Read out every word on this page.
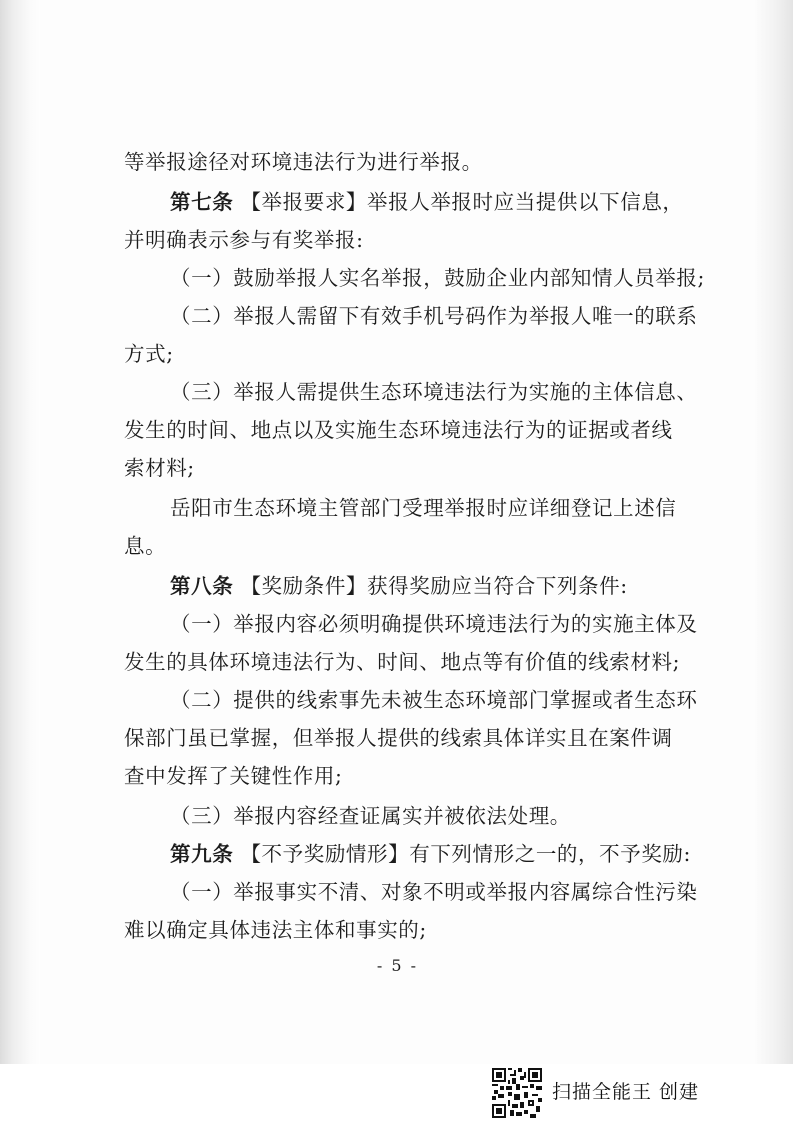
等举报途径对环境违法行为进行举报。
第七条 【举报要求】举报人举报时应当提供以下信息，
并明确表示参与有奖举报:
（一）鼓励举报人实名举报，鼓励企业内部知情人员举报;
（二）举报人需留下有效手机号码作为举报人唯一的联系
方式;
（三）举报人需提供生态环境违法行为实施的主体信息、
发生的时间、地点以及实施生态环境违法行为的证据或者线
索材料;
岳阳市生态环境主管部门受理举报时应详细登记上述信
息。
第八条 【奖励条件】获得奖励应当符合下列条件:
（一）举报内容必须明确提供环境违法行为的实施主体及
发生的具体环境违法行为、时间、地点等有价值的线索材料;
（二）提供的线索事先未被生态环境部门掌握或者生态环
保部门虽已掌握，但举报人提供的线索具体详实且在案件调
查中发挥了关键性作用;
（三）举报内容经查证属实并被依法处理。
第九条 【不予奖励情形】有下列情形之一的，不予奖励:
（一）举报事实不清、对象不明或举报内容属综合性污染
难以确定具体违法主体和事实的;
- 5 -
扫描全能王 创建
